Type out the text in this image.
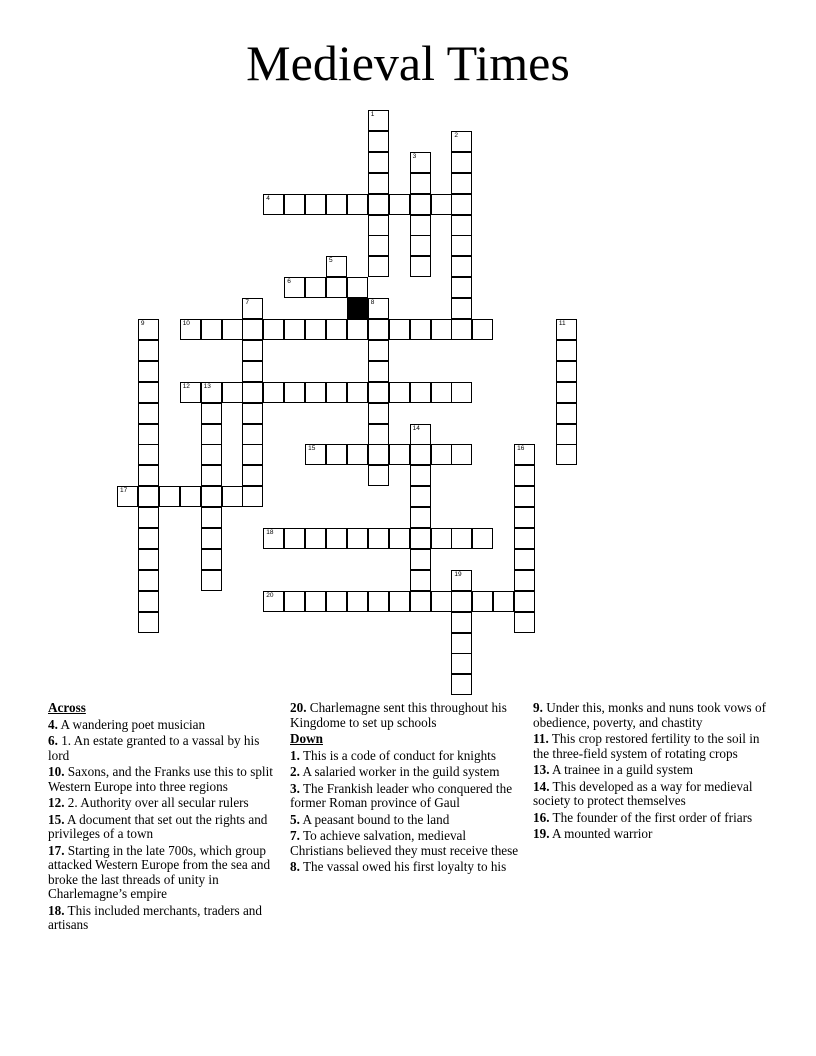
Medieval Times
4
6
10
12 13
15
17
18
20
1
2
3
5
7	8
9	11
14
16
19
Across
4. A wandering poet musician
6. 1. An estate granted to a vassal by his lord
10. Saxons, and the Franks use this to split Western Europe into three regions
12. 2. Authority over all secular rulers
15. A document that set out the rights and privileges of a town
17. Starting in the late 700s, which group attacked Western Europe from the sea and broke the last threads of unity in Charlemagne’s empire
18. This included merchants, traders and artisans
20. Charlemagne sent this throughout his Kingdome to set up schools
Down
1. This is a code of conduct for knights
2. A salaried worker in the guild system
3. The Frankish leader who conquered the former Roman province of Gaul
5. A peasant bound to the land
7. To achieve salvation, medieval Christians believed they must receive these
8. The vassal owed his first loyalty to his
9. Under this, monks and nuns took vows of obedience, poverty, and chastity
11. This crop restored fertility to the soil in the three-field system of rotating crops
13. A trainee in a guild system
14. This developed as a way for medieval society to protect themselves
16. The founder of the first order of friars
19. A mounted warrior
